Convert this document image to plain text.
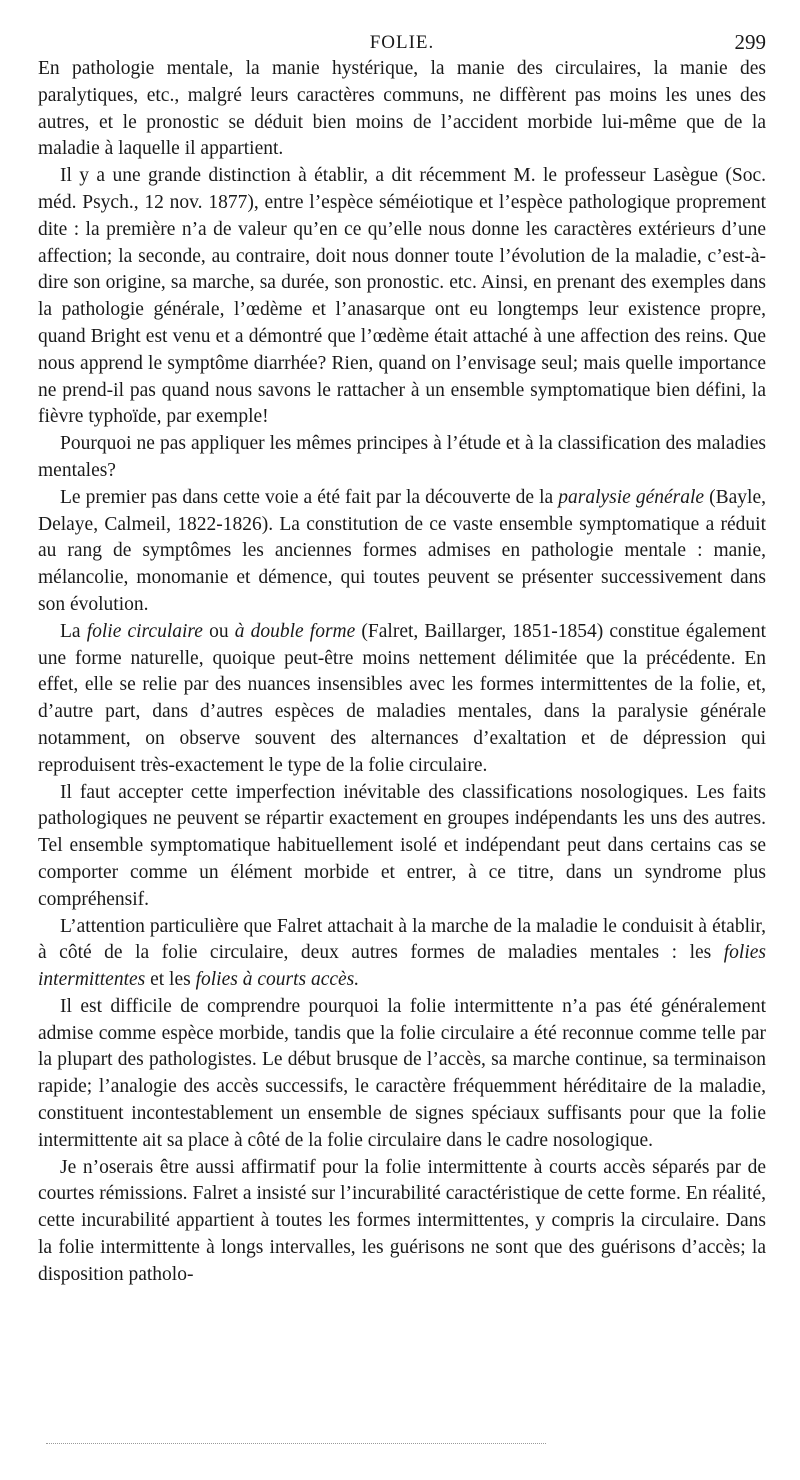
FOLIE.	299

En pathologie mentale, la manie hystérique, la manie des circulaires, la manie des paralytiques, etc., malgré leurs caractères communs, ne diffèrent pas moins les unes des autres, et le pronostic se déduit bien moins de l’accident morbide lui-même que de la maladie à laquelle il appartient.

Il y a une grande distinction à établir, a dit récemment M. le professeur Lasègue (Soc. méd. Psych., 12 nov. 1877), entre l’espèce séméiotique et l’espèce pathologique proprement dite : la première n’a de valeur qu’en ce qu’elle nous donne les caractères extérieurs d’une affection; la seconde, au contraire, doit nous donner toute l’évolution de la maladie, c’est-à-dire son origine, sa marche, sa durée, son pronostic. etc. Ainsi, en prenant des exemples dans la pathologie générale, l’œdème et l’anasarque ont eu longtemps leur existence propre, quand Bright est venu et a démontré que l’œdème était attaché à une affection des reins. Que nous apprend le symptôme diarrhée? Rien, quand on l’envisage seul; mais quelle importance ne prend-il pas quand nous savons le rattacher à un ensemble symptomatique bien défini, la fièvre typhoïde, par exemple!

Pourquoi ne pas appliquer les mêmes principes à l’étude et à la classification des maladies mentales?

Le premier pas dans cette voie a été fait par la découverte de la paralysie générale (Bayle, Delaye, Calmeil, 1822-1826). La constitution de ce vaste ensemble symptomatique a réduit au rang de symptômes les anciennes formes admises en pathologie mentale : manie, mélancolie, monomanie et démence, qui toutes peuvent se présenter successivement dans son évolution.

La folie circulaire ou à double forme (Falret, Baillarger, 1851-1854) constitue également une forme naturelle, quoique peut-être moins nettement délimitée que la précédente. En effet, elle se relie par des nuances insensibles avec les formes intermittentes de la folie, et, d’autre part, dans d’autres espèces de maladies mentales, dans la paralysie générale notamment, on observe souvent des alternances d’exaltation et de dépression qui reproduisent très-exactement le type de la folie circulaire.

Il faut accepter cette imperfection inévitable des classifications nosologiques. Les faits pathologiques ne peuvent se répartir exactement en groupes indépendants les uns des autres. Tel ensemble symptomatique habituellement isolé et indépendant peut dans certains cas se comporter comme un élément morbide et entrer, à ce titre, dans un syndrome plus compréhensif.

L’attention particulière que Falret attachait à la marche de la maladie le conduisit à établir, à côté de la folie circulaire, deux autres formes de maladies mentales : les folies intermittentes et les folies à courts accès.

Il est difficile de comprendre pourquoi la folie intermittente n’a pas été généralement admise comme espèce morbide, tandis que la folie circulaire a été reconnue comme telle par la plupart des pathologistes. Le début brusque de l’accès, sa marche continue, sa terminaison rapide; l’analogie des accès successifs, le caractère fréquemment héréditaire de la maladie, constituent incontestablement un ensemble de signes spéciaux suffisants pour que la folie intermittente ait sa place à côté de la folie circulaire dans le cadre nosologique.

Je n’oserais être aussi affirmatif pour la folie intermittente à courts accès séparés par de courtes rémissions. Falret a insisté sur l’incurabilité caractéristique de cette forme. En réalité, cette incurabilité appartient à toutes les formes intermittentes, y compris la circulaire. Dans la folie intermittente à longs intervalles, les guérisons ne sont que des guérisons d’accès; la disposition patholo-
